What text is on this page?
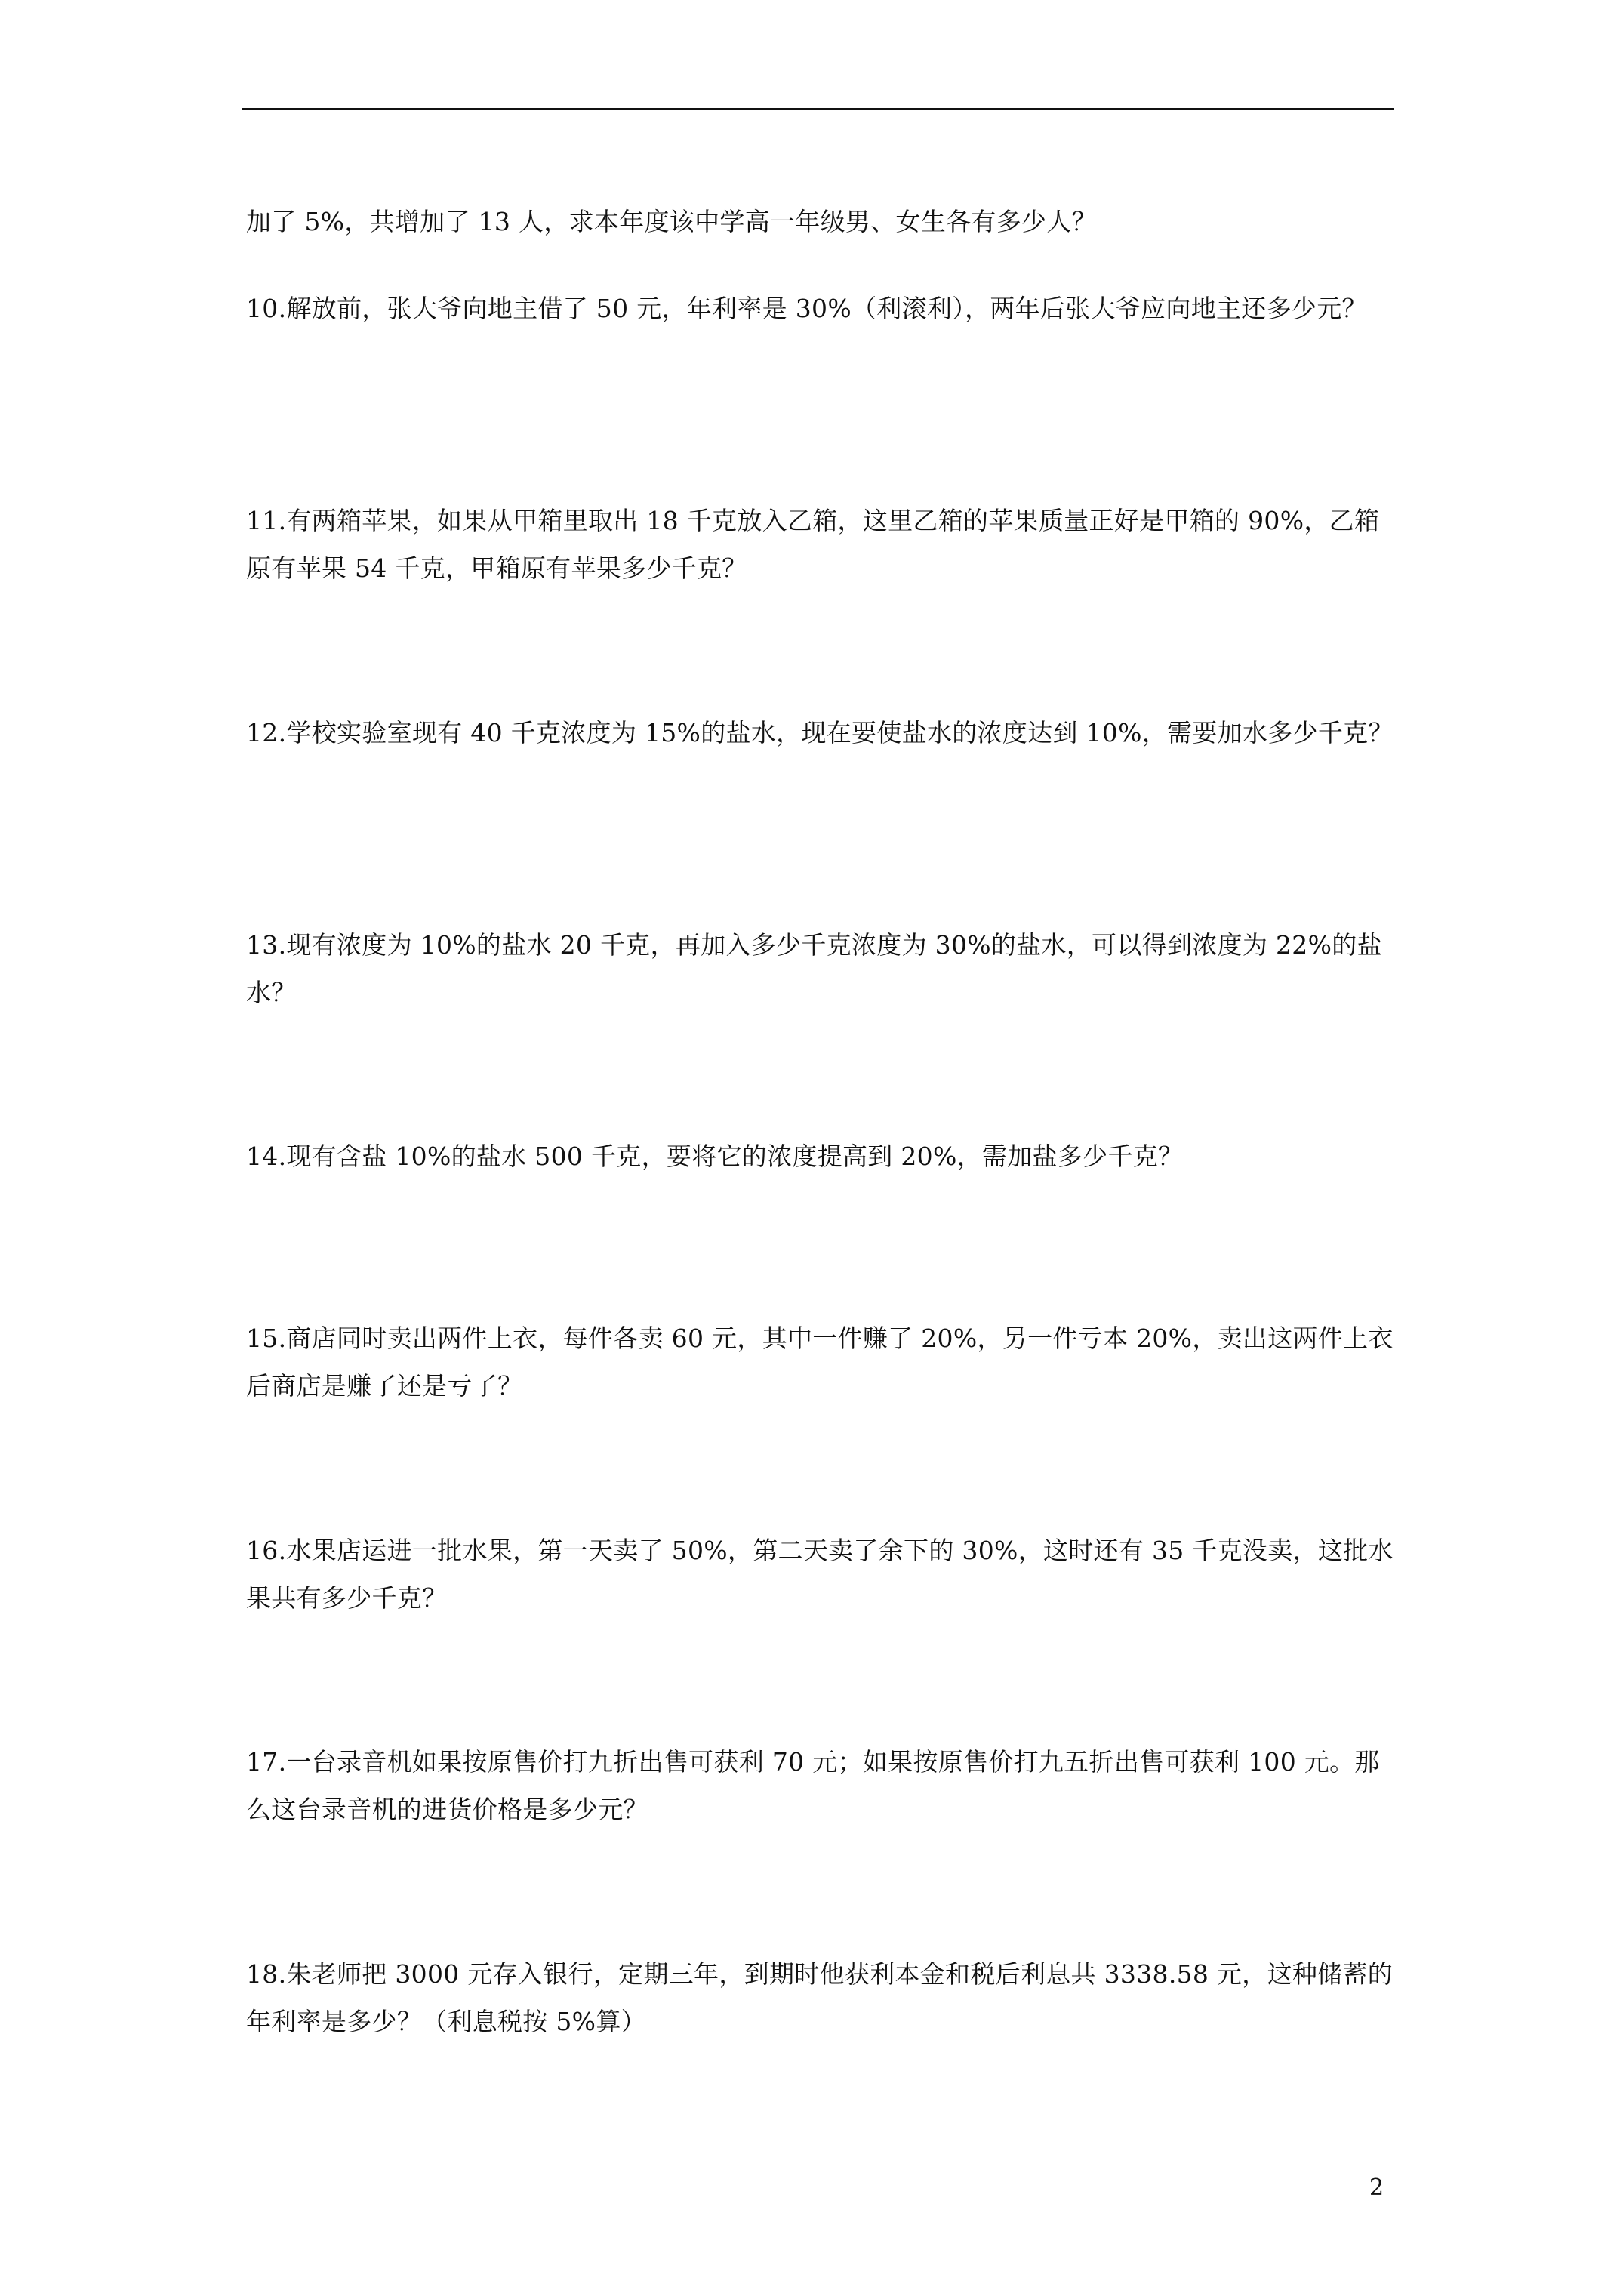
加了 5%，共增加了 13 人，求本年度该中学高一年级男、女生各有多少人？

10.解放前，张大爷向地主借了 50 元，年利率是 30%（利滚利），两年后张大爷应向地主还多少元？

11.有两箱苹果，如果从甲箱里取出 18 千克放入乙箱，这里乙箱的苹果质量正好是甲箱的 90%，乙箱原有苹果 54 千克，甲箱原有苹果多少千克？

12.学校实验室现有 40 千克浓度为 15%的盐水，现在要使盐水的浓度达到 10%，需要加水多少千克？

13.现有浓度为 10%的盐水 20 千克，再加入多少千克浓度为 30%的盐水，可以得到浓度为 22%的盐水？

14.现有含盐 10%的盐水 500 千克，要将它的浓度提高到 20%，需加盐多少千克？

15.商店同时卖出两件上衣，每件各卖 60 元，其中一件赚了 20%，另一件亏本 20%，卖出这两件上衣后商店是赚了还是亏了？

16.水果店运进一批水果，第一天卖了 50%，第二天卖了余下的 30%，这时还有 35 千克没卖，这批水果共有多少千克？

17.一台录音机如果按原售价打九折出售可获利 70 元；如果按原售价打九五折出售可获利 100 元。那么这台录音机的进货价格是多少元？

18.朱老师把 3000 元存入银行，定期三年，到期时他获利本金和税后利息共 3338.58 元，这种储蓄的年利率是多少？（利息税按 5%算）

2
